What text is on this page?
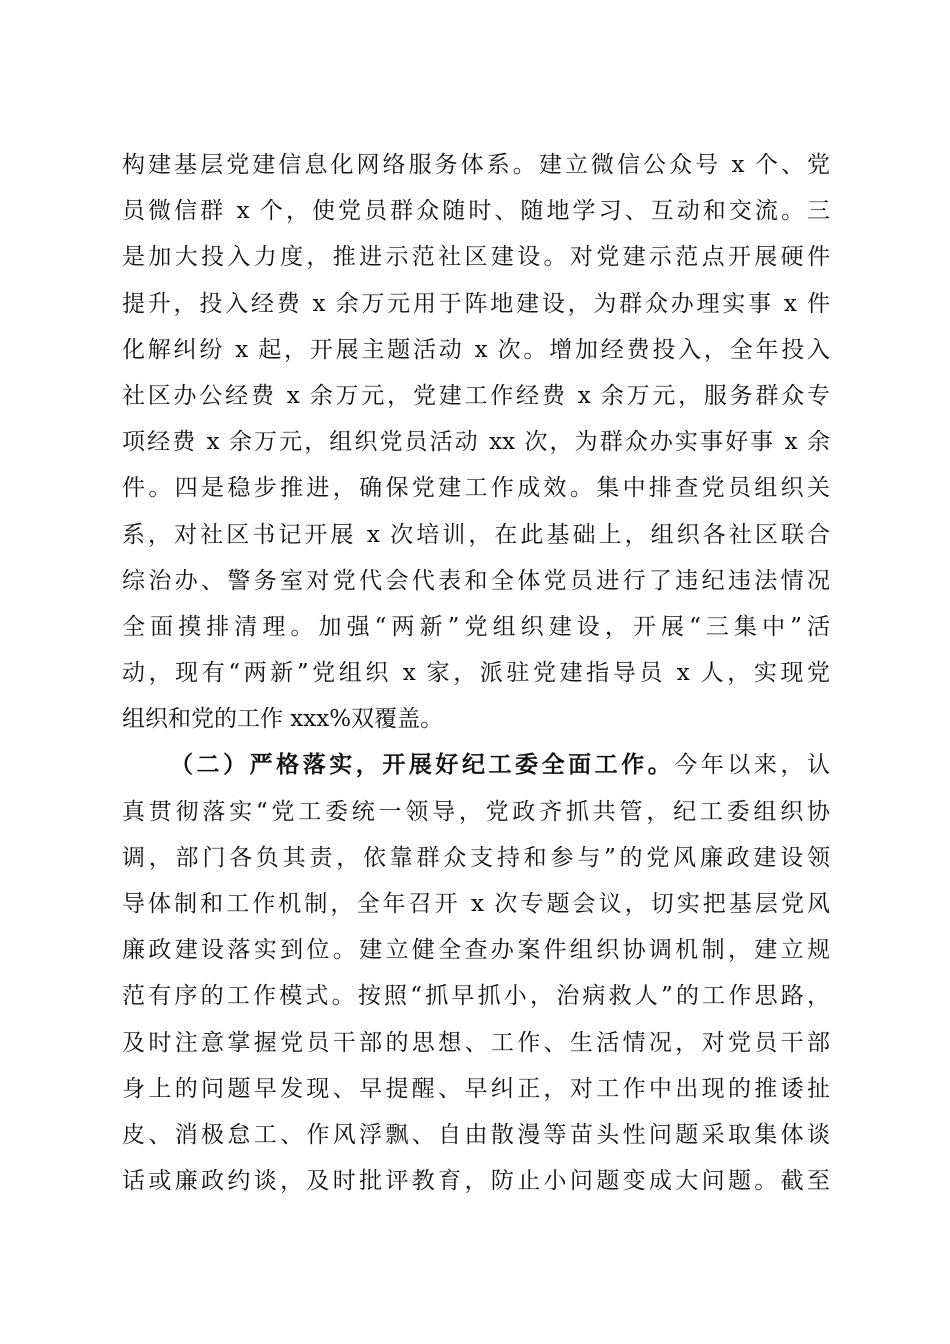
构建基层党建信息化网络服务体系。建立微信公众号 x 个、党
员微信群 x 个，使党员群众随时、随地学习、互动和交流。三
是加大投入力度，推进示范社区建设。对党建示范点开展硬件
提升，投入经费 x 余万元用于阵地建设，为群众办理实事 x 件
化解纠纷 x 起，开展主题活动 x 次。增加经费投入，全年投入
社区办公经费 x 余万元，党建工作经费 x 余万元，服务群众专
项经费 x 余万元，组织党员活动 xx 次，为群众办实事好事 x 余
件。四是稳步推进，确保党建工作成效。集中排查党员组织关
系，对社区书记开展 x 次培训，在此基础上，组织各社区联合
综治办、警务室对党代会代表和全体党员进行了违纪违法情况
全面摸排清理。加强“两新”党组织建设，开展“三集中”活
动，现有“两新”党组织 x 家，派驻党建指导员 x 人，实现党
组织和党的工作 xxx%双覆盖。
（二）严格落实，开展好纪工委全面工作。今年以来，认
真贯彻落实“党工委统一领导，党政齐抓共管，纪工委组织协
调，部门各负其责，依靠群众支持和参与”的党风廉政建设领
导体制和工作机制，全年召开 x 次专题会议，切实把基层党风
廉政建设落实到位。建立健全查办案件组织协调机制，建立规
范有序的工作模式。按照“抓早抓小，治病救人”的工作思路，
及时注意掌握党员干部的思想、工作、生活情况，对党员干部
身上的问题早发现、早提醒、早纠正，对工作中出现的推诿扯
皮、消极怠工、作风浮飘、自由散漫等苗头性问题采取集体谈
话或廉政约谈，及时批评教育，防止小问题变成大问题。截至
